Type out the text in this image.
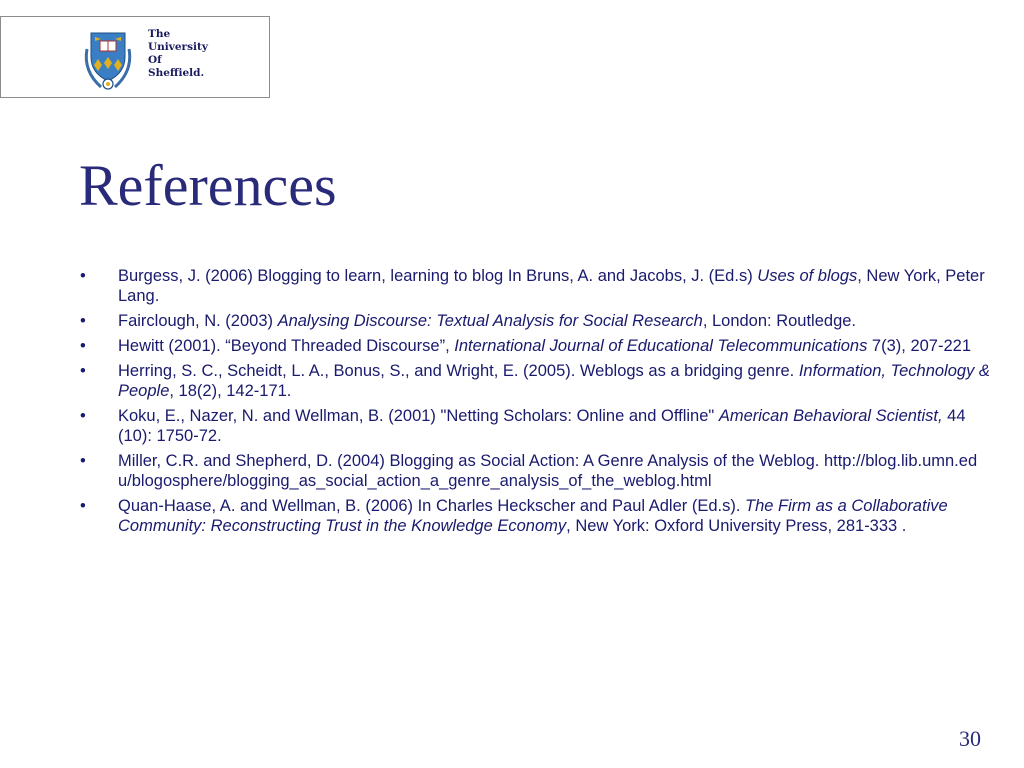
The
University
Of
Sheffield.
References
• Burgess, J. (2006) Blogging to learn, learning to blog In Bruns, A. and Jacobs, J. (Ed.s) Uses of blogs, New York, Peter Lang.
• Fairclough, N. (2003) Analysing Discourse: Textual Analysis for Social Research, London: Routledge.
• Hewitt (2001). “Beyond Threaded Discourse”, International Journal of Educational Telecommunications 7(3), 207-221
• Herring, S. C., Scheidt, L. A., Bonus, S., and Wright, E. (2005). Weblogs as a bridging genre. Information, Technology & People, 18(2), 142-171.
• Koku, E., Nazer, N. and Wellman, B. (2001) "Netting Scholars: Online and Offline" American Behavioral Scientist, 44 (10): 1750-72.
• Miller, C.R. and Shepherd, D. (2004) Blogging as Social Action: A Genre Analysis of the Weblog. http://blog.lib.umn.edu/blogosphere/blogging_as_social_action_a_genre_analysis_of_the_weblog.html
• Quan-Haase, A. and Wellman, B. (2006) In Charles Heckscher and Paul Adler (Ed.s). The Firm as a Collaborative Community: Reconstructing Trust in the Knowledge Economy, New York: Oxford University Press, 281-333 .
30
